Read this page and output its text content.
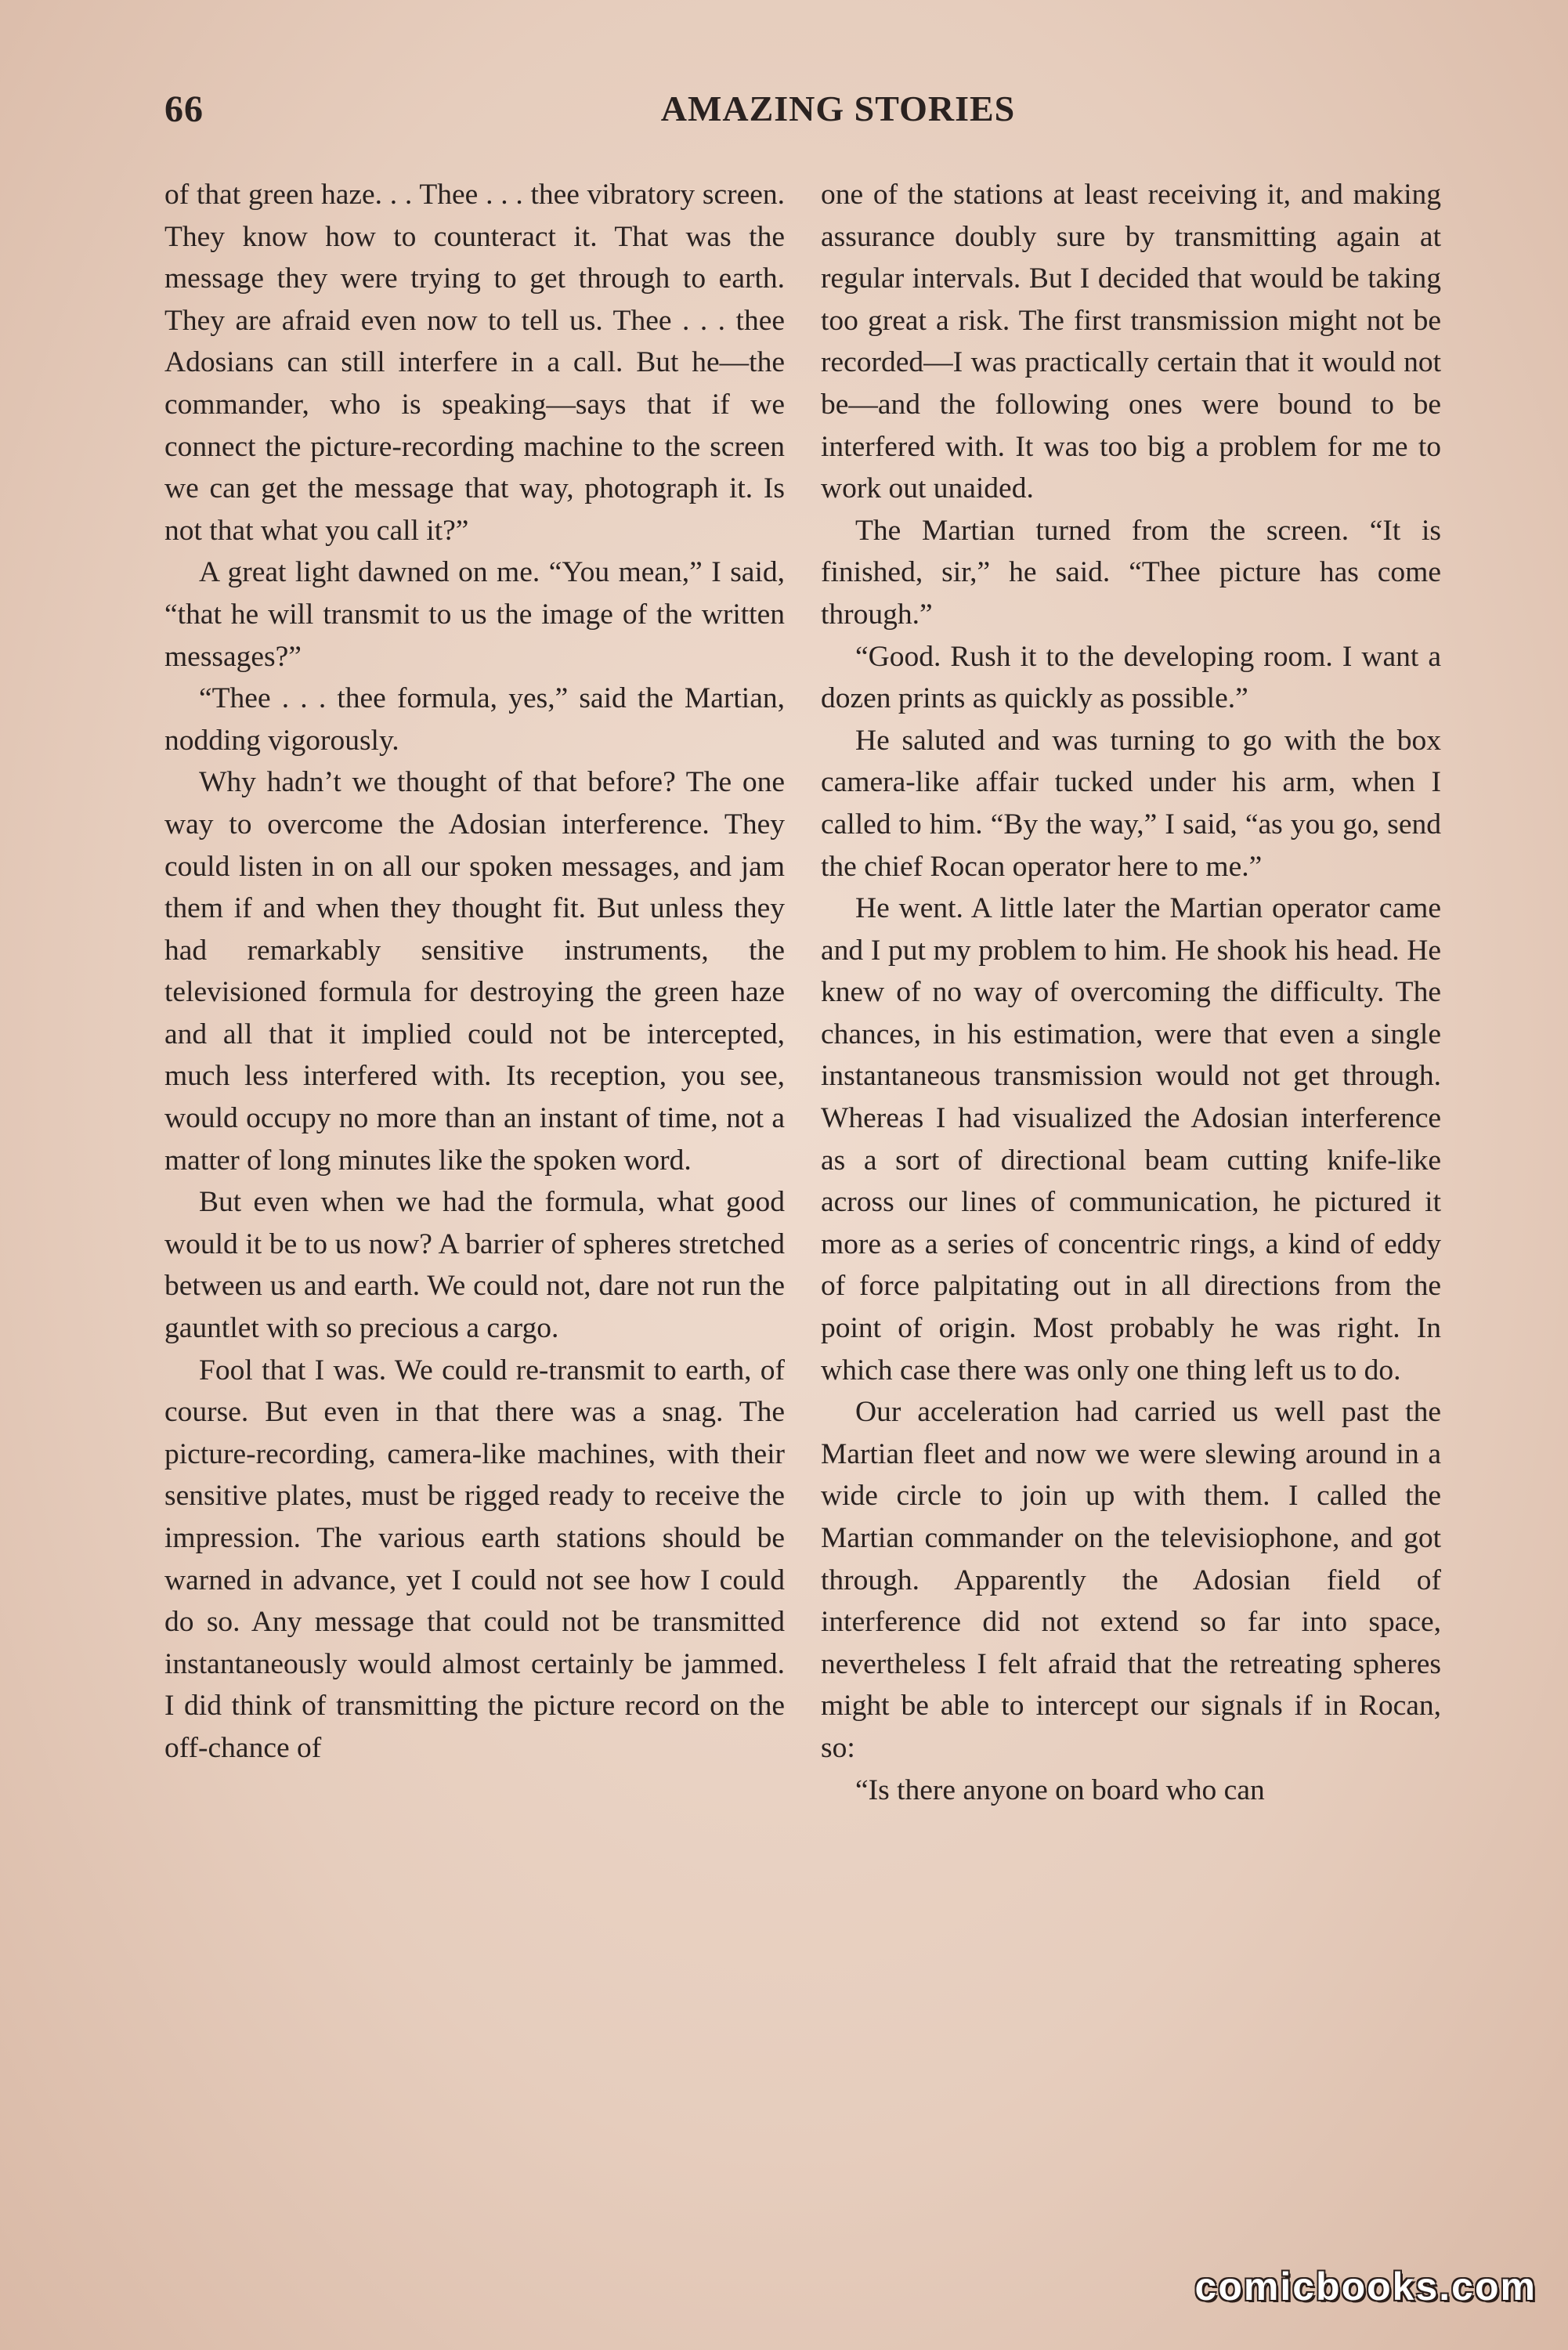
66	AMAZING STORIES

of that green haze. . . Thee . . . thee vibratory screen. They know how to counteract it. That was the message they were trying to get through to earth. They are afraid even now to tell us. Thee . . . thee Adosians can still interfere in a call. But he—the commander, who is speaking—says that if we connect the picture-recording machine to the screen we can get the message that way, photograph it. Is not that what you call it?”

A great light dawned on me. “You mean,” I said, “that he will transmit to us the image of the written messages?”

“Thee . . . thee formula, yes,” said the Martian, nodding vigorously.

Why hadn’t we thought of that before? The one way to overcome the Adosian interference. They could listen in on all our spoken messages, and jam them if and when they thought fit. But unless they had remarkably sensitive instruments, the televisioned formula for destroying the green haze and all that it implied could not be intercepted, much less interfered with. Its reception, you see, would occupy no more than an instant of time, not a matter of long minutes like the spoken word.

But even when we had the formula, what good would it be to us now? A barrier of spheres stretched between us and earth. We could not, dare not run the gauntlet with so precious a cargo.

Fool that I was. We could re-transmit to earth, of course. But even in that there was a snag. The picture-recording, camera-like machines, with their sensitive plates, must be rigged ready to receive the impression. The various earth stations should be warned in advance, yet I could not see how I could do so. Any message that could not be transmitted instantaneously would almost certainly be jammed. I did think of transmitting the picture record on the off-chance of

one of the stations at least receiving it, and making assurance doubly sure by transmitting again at regular intervals. But I decided that would be taking too great a risk. The first transmission might not be recorded—I was practically certain that it would not be—and the following ones were bound to be interfered with. It was too big a problem for me to work out unaided.

The Martian turned from the screen. “It is finished, sir,” he said. “Thee picture has come through.”

“Good. Rush it to the developing room. I want a dozen prints as quickly as possible.”

He saluted and was turning to go with the box camera-like affair tucked under his arm, when I called to him. “By the way,” I said, “as you go, send the chief Rocan operator here to me.”

He went. A little later the Martian operator came and I put my problem to him. He shook his head. He knew of no way of overcoming the difficulty. The chances, in his estimation, were that even a single instantaneous transmission would not get through. Whereas I had visualized the Adosian interference as a sort of directional beam cutting knife-like across our lines of communication, he pictured it more as a series of concentric rings, a kind of eddy of force palpitating out in all directions from the point of origin. Most probably he was right. In which case there was only one thing left us to do.

Our acceleration had carried us well past the Martian fleet and now we were slewing around in a wide circle to join up with them. I called the Martian commander on the televisiophone, and got through. Apparently the Adosian field of interference did not extend so far into space, nevertheless I felt afraid that the retreating spheres might be able to intercept our signals if in Rocan, so:

“Is there anyone on board who can

comicbooks.com
